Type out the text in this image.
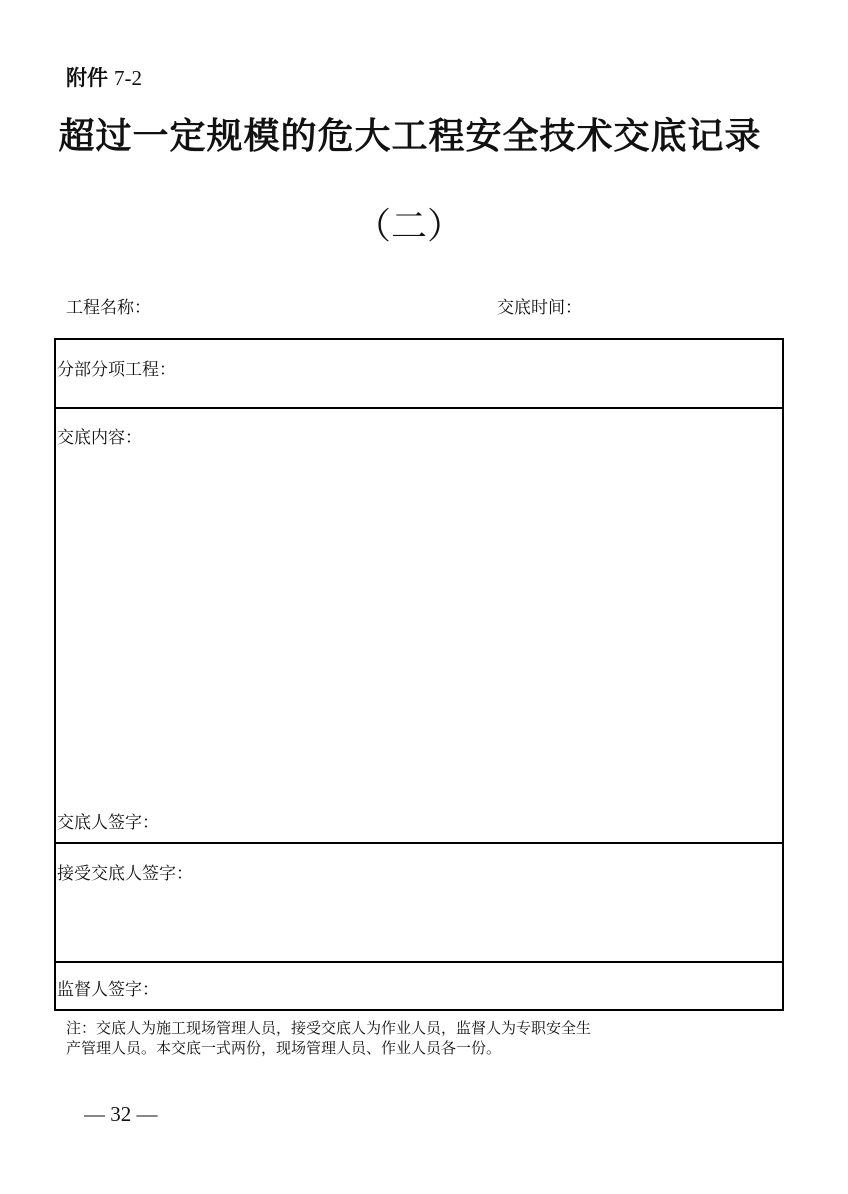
附件 7-2
超过一定规模的危大工程安全技术交底记录
（二）
工程名称：	交底时间：
分部分项工程：
交底内容：
交底人签字：
接受交底人签字：
监督人签字：

注：交底人为施工现场管理人员，接受交底人为作业人员，监督人为专职安全生

产管理人员。本交底一式两份，现场管理人员、作业人员各一份。

— 32 —
